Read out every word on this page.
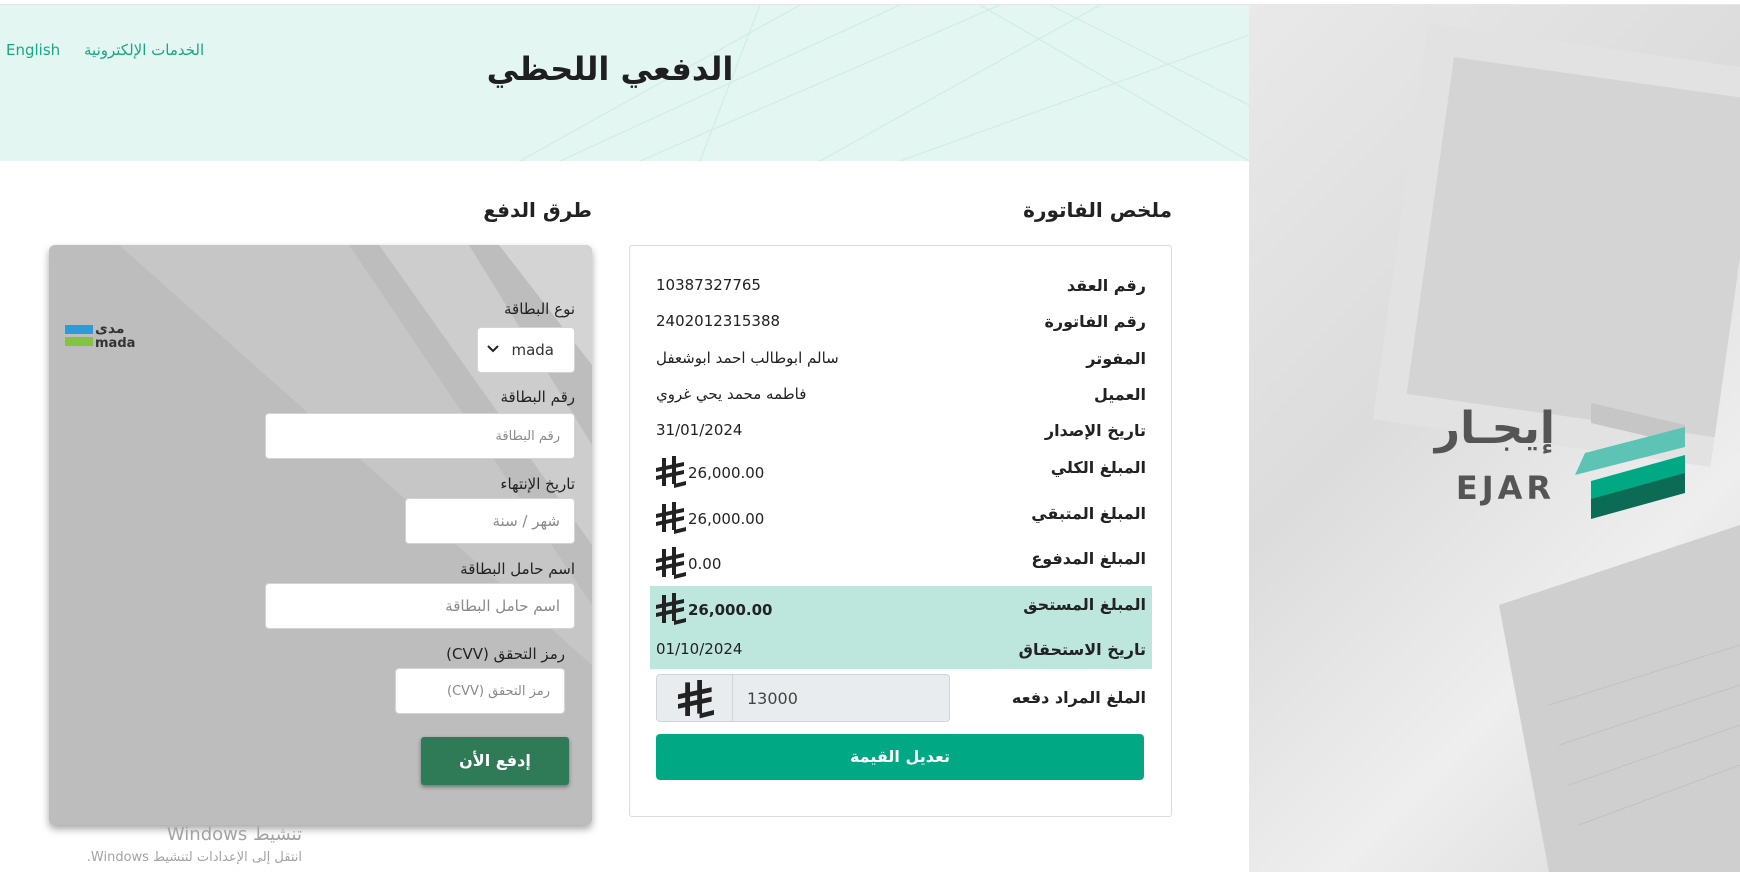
English الخدمات الإلكترونية	الدفعي اللحظي
إيجـار
EJAR
ملخص الفاتورة
طرق الدفع
رقم العقد
10387327765
رقم الفاتورة
2402012315388
المفوتر
سالم ابوطالب احمد ابوشعفل
العميل
فاطمه محمد يحي غروي
تاريخ الإصدار
31/01/2024
المبلغ الكلي
26,000.00
المبلغ المتبقي
26,000.00
المبلغ المدفوع
0.00
المبلغ المستحق
26,000.00
تاريخ الاستحقاق
01/10/2024
الملغ المراد دفعه
13000
تعديل القيمة
مدى
mada
نوع البطاقة
mada
رقم البطاقة
رقم البطاقة
تاريخ الإنتهاء
شهر / سنة
اسم حامل البطاقة
اسم حامل البطاقة
رمز التحقق (CVV)
رمز التحقق (CVV)
إدفع الأن
تنشيط Windows
انتقل إلى الإعدادات لتنشيط Windows.
